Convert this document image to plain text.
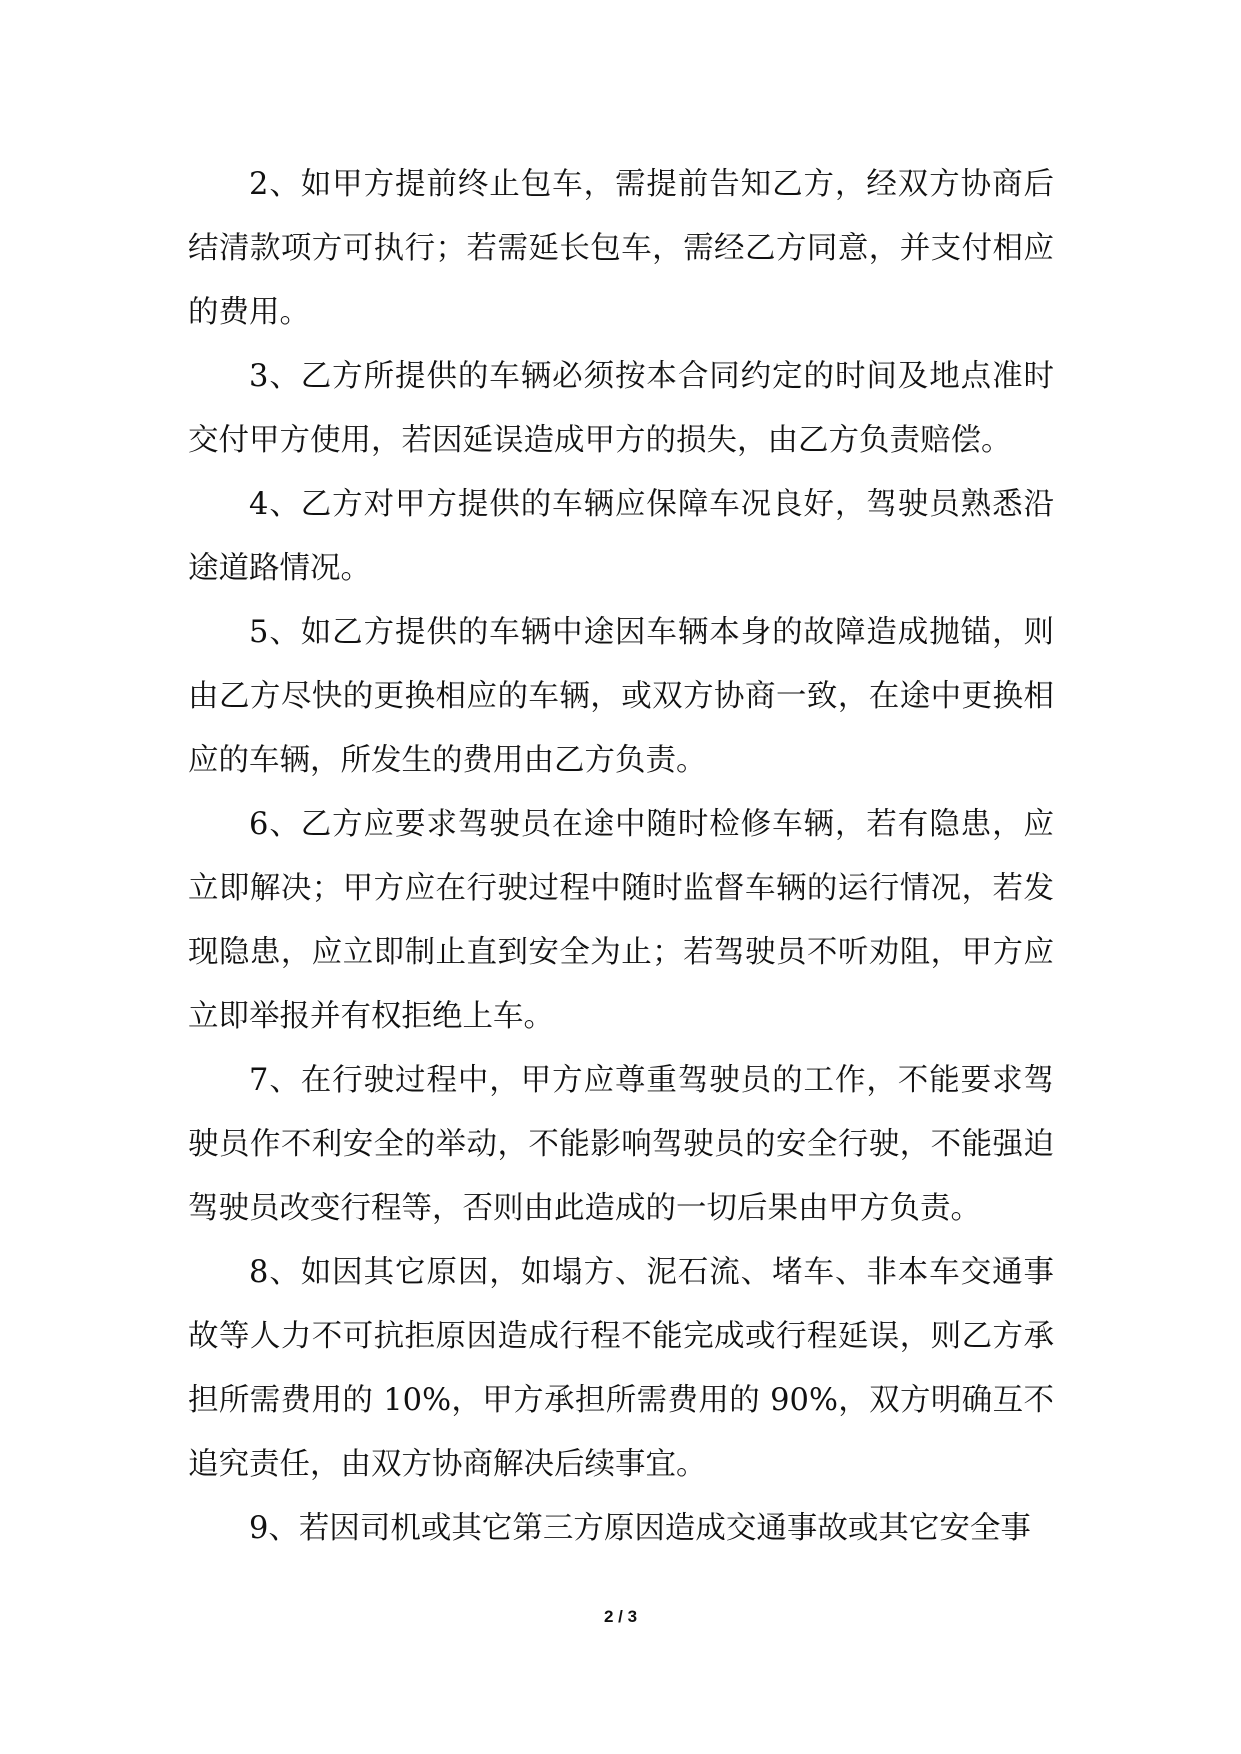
2、如甲方提前终止包车，需提前告知乙方，经双方协商后结清款项方可执行；若需延长包车，需经乙方同意，并支付相应的费用。

3、乙方所提供的车辆必须按本合同约定的时间及地点准时交付甲方使用，若因延误造成甲方的损失，由乙方负责赔偿。

4、乙方对甲方提供的车辆应保障车况良好，驾驶员熟悉沿途道路情况。

5、如乙方提供的车辆中途因车辆本身的故障造成抛锚，则由乙方尽快的更换相应的车辆，或双方协商一致，在途中更换相应的车辆，所发生的费用由乙方负责。

6、乙方应要求驾驶员在途中随时检修车辆，若有隐患，应立即解决；甲方应在行驶过程中随时监督车辆的运行情况，若发现隐患，应立即制止直到安全为止；若驾驶员不听劝阻，甲方应立即举报并有权拒绝上车。

7、在行驶过程中，甲方应尊重驾驶员的工作，不能要求驾驶员作不利安全的举动，不能影响驾驶员的安全行驶，不能强迫驾驶员改变行程等，否则由此造成的一切后果由甲方负责。

8、如因其它原因，如塌方、泥石流、堵车、非本车交通事故等人力不可抗拒原因造成行程不能完成或行程延误，则乙方承担所需费用的 10%，甲方承担所需费用的 90%，双方明确互不追究责任，由双方协商解决后续事宜。

9、若因司机或其它第三方原因造成交通事故或其它安全事

2 / 3
